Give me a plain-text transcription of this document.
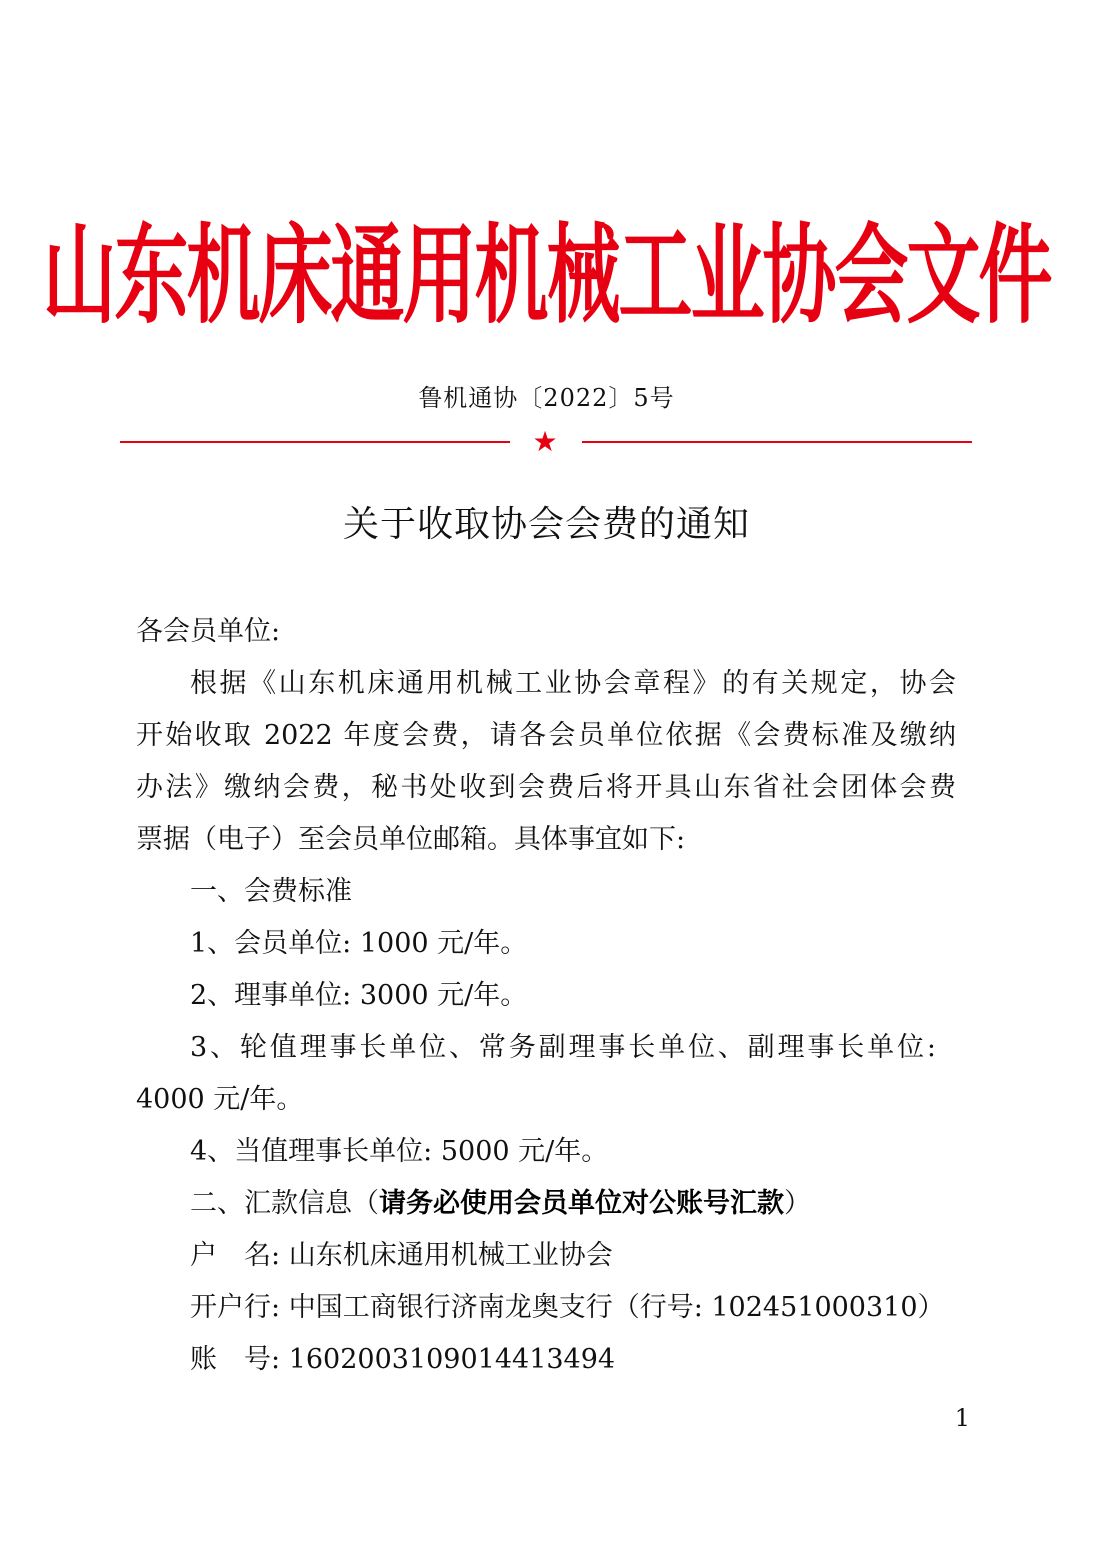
山东机床通用机械工业协会文件
鲁机通协〔2022〕5号
★
关于收取协会会费的通知
各会员单位:
根据《山东机床通用机械工业协会章程》的有关规定，协会
开始收取 2022 年度会费，请各会员单位依据《会费标准及缴纳
办法》缴纳会费，秘书处收到会费后将开具山东省社会团体会费
票据（电子）至会员单位邮箱。具体事宜如下:
一、会费标准
1、会员单位: 1000 元/年。
2、理事单位: 3000 元/年。
3、轮值理事长单位、常务副理事长单位、副理事长单位:
4000 元/年。
4、当值理事长单位: 5000 元/年。
二、汇款信息（请务必使用会员单位对公账号汇款）
户　名: 山东机床通用机械工业协会
开户行: 中国工商银行济南龙奥支行（行号: 102451000310）
账　号: 1602003109014413494
1
